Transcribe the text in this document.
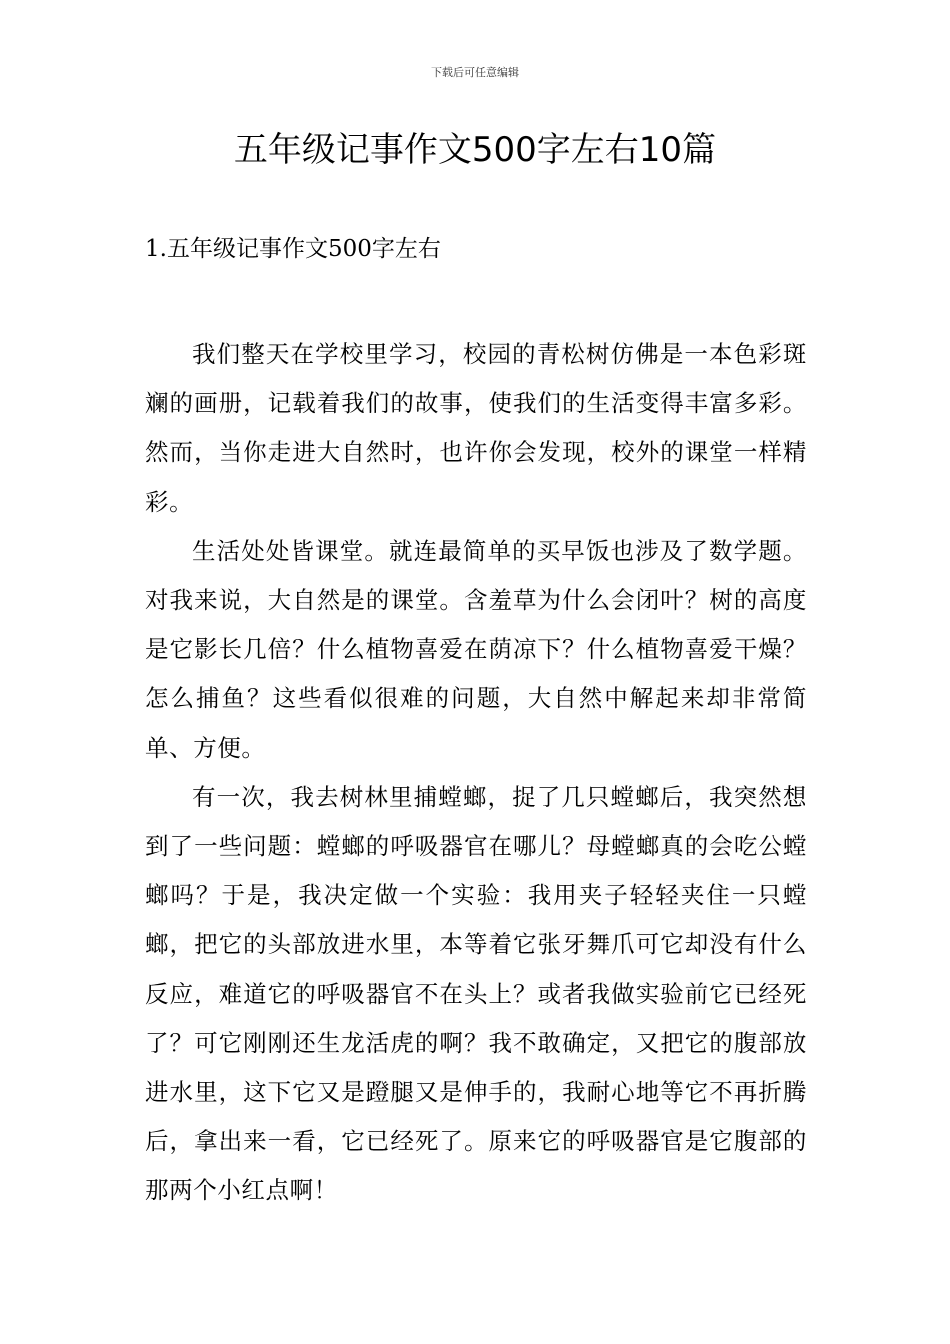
下载后可任意编辑
五年级记事作文500字左右10篇
1.五年级记事作文500字左右

我们整天在学校里学习，校园的青松树仿佛是一本色彩斑斓的画册，记载着我们的故事，使我们的生活变得丰富多彩。然而，当你走进大自然时，也许你会发现，校外的课堂一样精彩。

生活处处皆课堂。就连最简单的买早饭也涉及了数学题。对我来说，大自然是的课堂。含羞草为什么会闭叶？树的高度是它影长几倍？什么植物喜爱在荫凉下？什么植物喜爱干燥？怎么捕鱼？这些看似很难的问题，大自然中解起来却非常简单、方便。

有一次，我去树林里捕螳螂，捉了几只螳螂后，我突然想到了一些问题：螳螂的呼吸器官在哪儿？母螳螂真的会吃公螳螂吗？于是，我决定做一个实验：我用夹子轻轻夹住一只螳螂，把它的头部放进水里，本等着它张牙舞爪可它却没有什么反应，难道它的呼吸器官不在头上？或者我做实验前它已经死了？可它刚刚还生龙活虎的啊？我不敢确定，又把它的腹部放进水里，这下它又是蹬腿又是伸手的，我耐心地等它不再折腾后，拿出来一看，它已经死了。原来它的呼吸器官是它腹部的那两个小红点啊！
